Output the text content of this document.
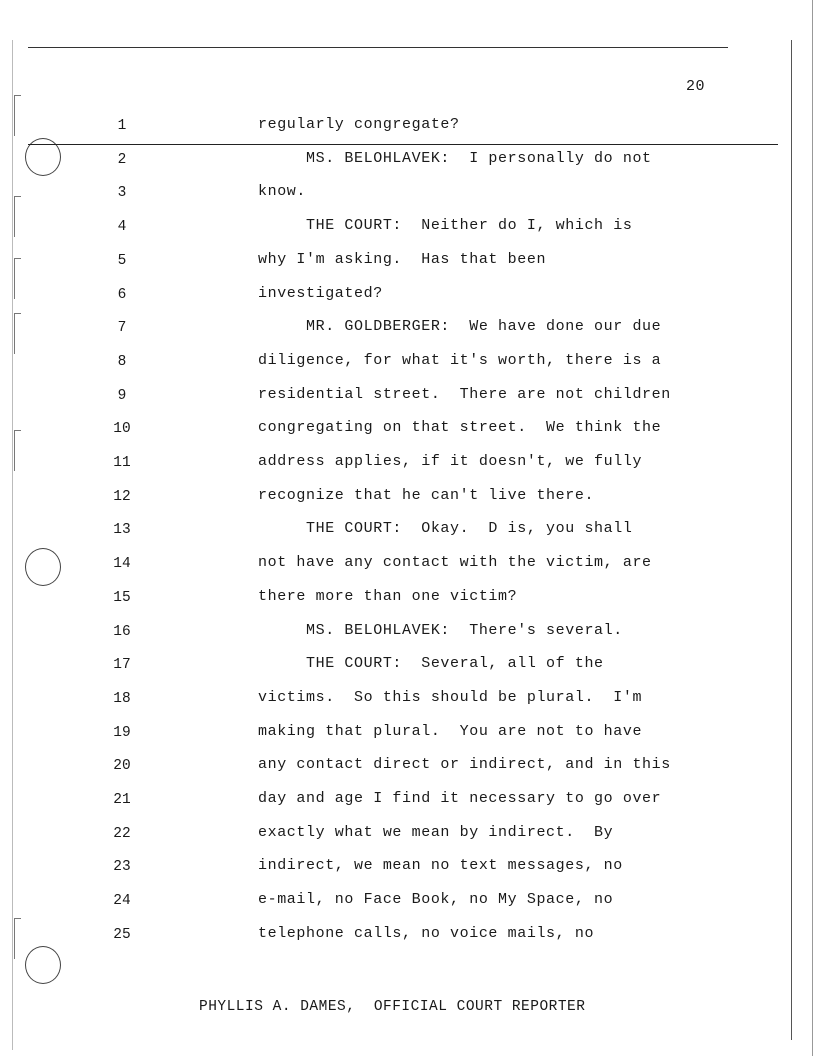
20
1	regularly congregate?
2	MS. BELOHLAVEK:  I personally do not
3	know.
4	THE COURT:  Neither do I, which is
5	why I'm asking.  Has that been
6	investigated?
7	MR. GOLDBERGER:  We have done our due
8	diligence, for what it's worth, there is a
9	residential street.  There are not children
10	congregating on that street.  We think the
11	address applies, if it doesn't, we fully
12	recognize that he can't live there.
13	THE COURT:  Okay.  D is, you shall
14	not have any contact with the victim, are
15	there more than one victim?
16	MS. BELOHLAVEK:  There's several.
17	THE COURT:  Several, all of the
18	victims.  So this should be plural.  I'm
19	making that plural.  You are not to have
20	any contact direct or indirect, and in this
21	day and age I find it necessary to go over
22	exactly what we mean by indirect.  By
23	indirect, we mean no text messages, no
24	e-mail, no Face Book, no My Space, no
25	telephone calls, no voice mails, no
PHYLLIS A. DAMES,  OFFICIAL COURT REPORTER
